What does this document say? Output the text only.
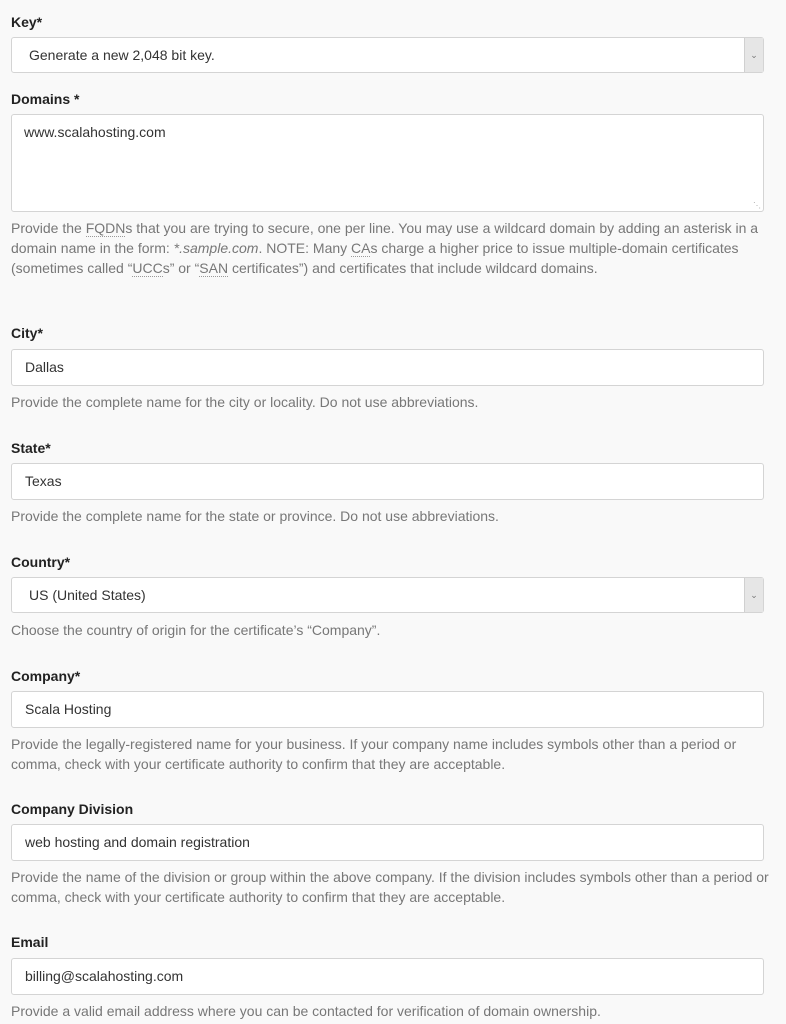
Key*
Generate a new 2,048 bit key.	⌄
Domains *
www.scalahosting.com
⋱
Provide the FQDNs that you are trying to secure, one per line. You may use a wildcard domain by adding an asterisk in a domain name in the form: *.sample.com. NOTE: Many CAs charge a higher price to issue multiple-domain certificates (sometimes called “UCCs” or “SAN certificates”) and certificates that include wildcard domains.
City*
Dallas
Provide the complete name for the city or locality. Do not use abbreviations.
State*
Texas
Provide the complete name for the state or province. Do not use abbreviations.
Country*
US (United States)	⌄
Choose the country of origin for the certificate’s “Company”.
Company*
Scala Hosting
Provide the legally-registered name for your business. If your company name includes symbols other than a period or comma, check with your certificate authority to confirm that they are acceptable.
Company Division
web hosting and domain registration
Provide the name of the division or group within the above company. If the division includes symbols other than a period or comma, check with your certificate authority to confirm that they are acceptable.
Email
billing@scalahosting.com
Provide a valid email address where you can be contacted for verification of domain ownership.
